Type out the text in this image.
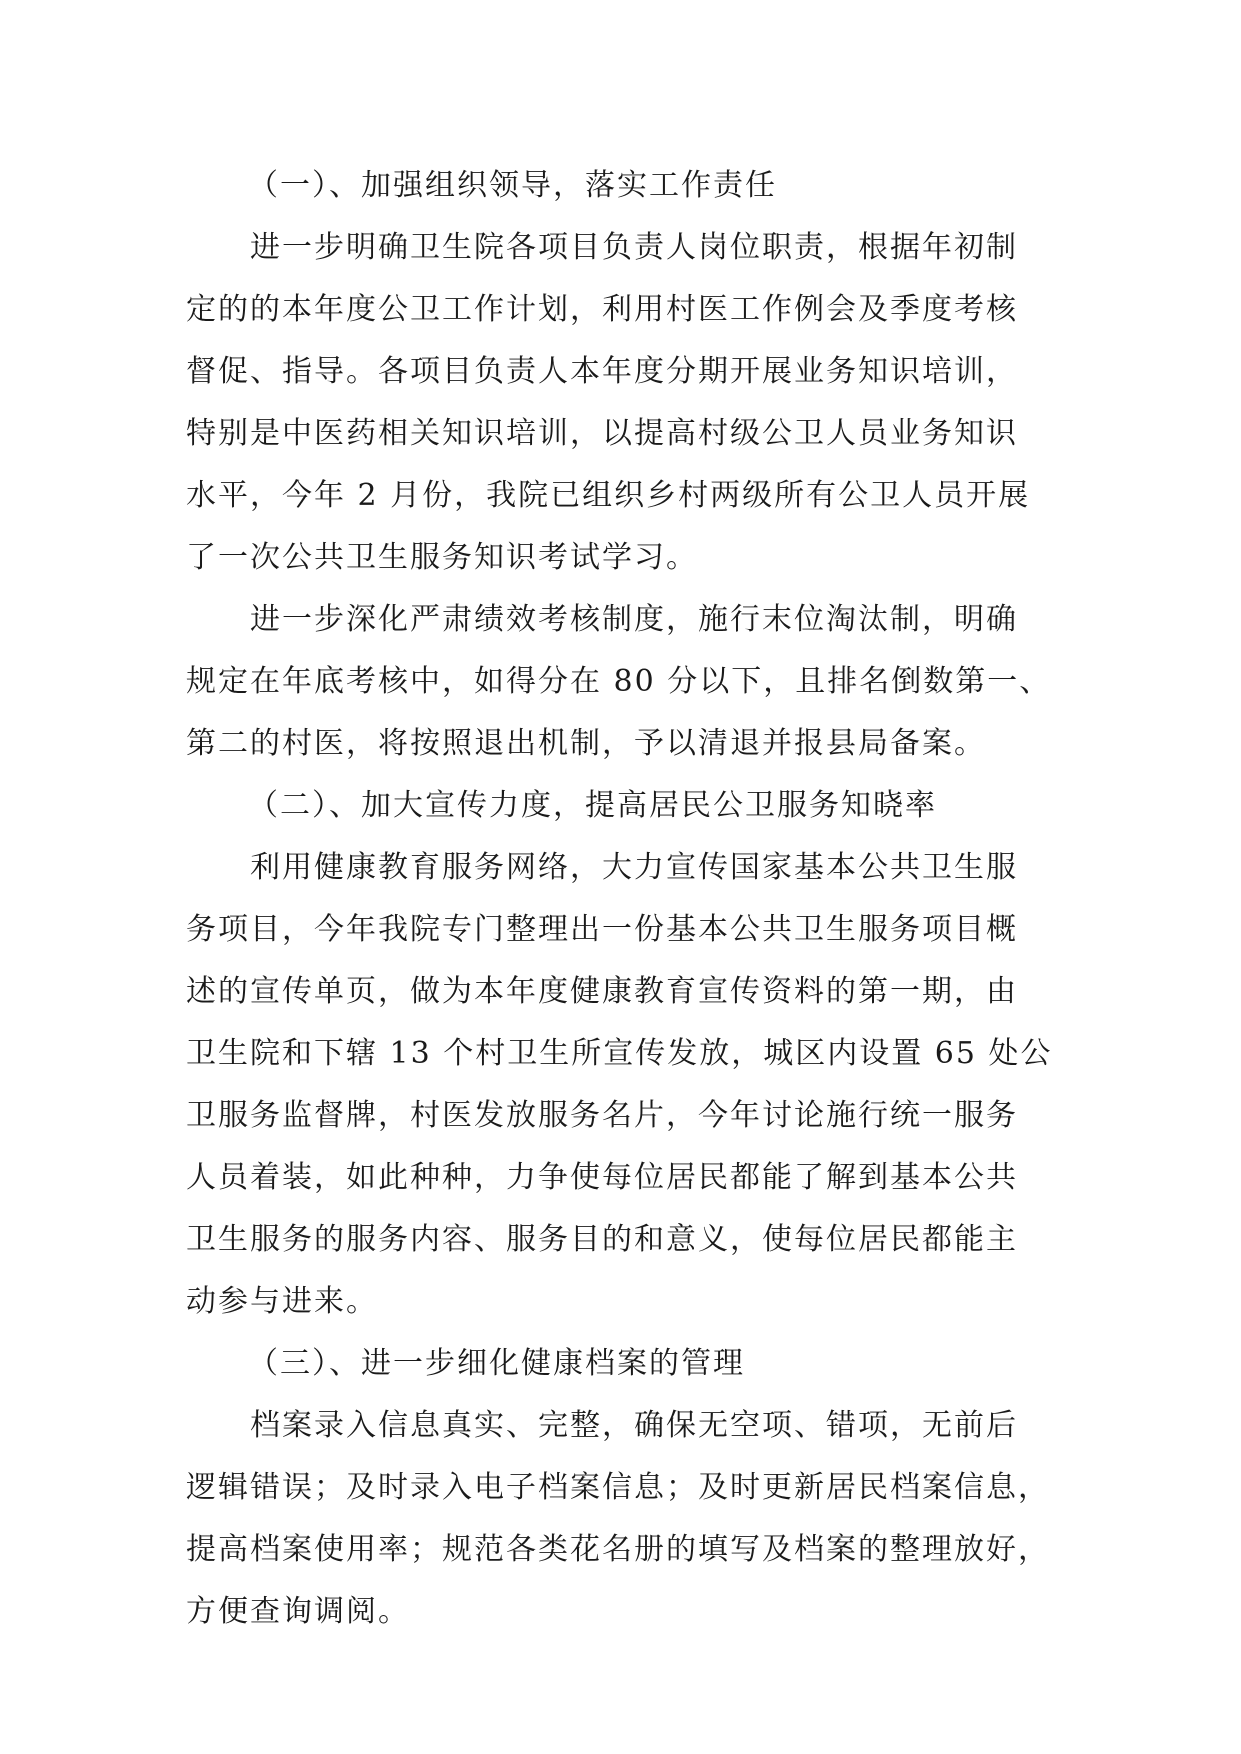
（一）、加强组织领导，落实工作责任

进一步明确卫生院各项目负责人岗位职责，根据年初制
定的的本年度公卫工作计划，利用村医工作例会及季度考核
督促、指导。各项目负责人本年度分期开展业务知识培训，
特别是中医药相关知识培训，以提高村级公卫人员业务知识
水平，今年 2 月份，我院已组织乡村两级所有公卫人员开展
了一次公共卫生服务知识考试学习。

进一步深化严肃绩效考核制度，施行末位淘汰制，明确
规定在年底考核中，如得分在 80 分以下，且排名倒数第一、
第二的村医，将按照退出机制，予以清退并报县局备案。

（二）、加大宣传力度，提高居民公卫服务知晓率

利用健康教育服务网络，大力宣传国家基本公共卫生服
务项目，今年我院专门整理出一份基本公共卫生服务项目概
述的宣传单页，做为本年度健康教育宣传资料的第一期，由
卫生院和下辖 13 个村卫生所宣传发放，城区内设置 65 处公
卫服务监督牌，村医发放服务名片，今年讨论施行统一服务
人员着装，如此种种，力争使每位居民都能了解到基本公共
卫生服务的服务内容、服务目的和意义，使每位居民都能主
动参与进来。

（三）、进一步细化健康档案的管理

档案录入信息真实、完整，确保无空项、错项，无前后
逻辑错误；及时录入电子档案信息；及时更新居民档案信息，
提高档案使用率；规范各类花名册的填写及档案的整理放好，
方便查询调阅。
